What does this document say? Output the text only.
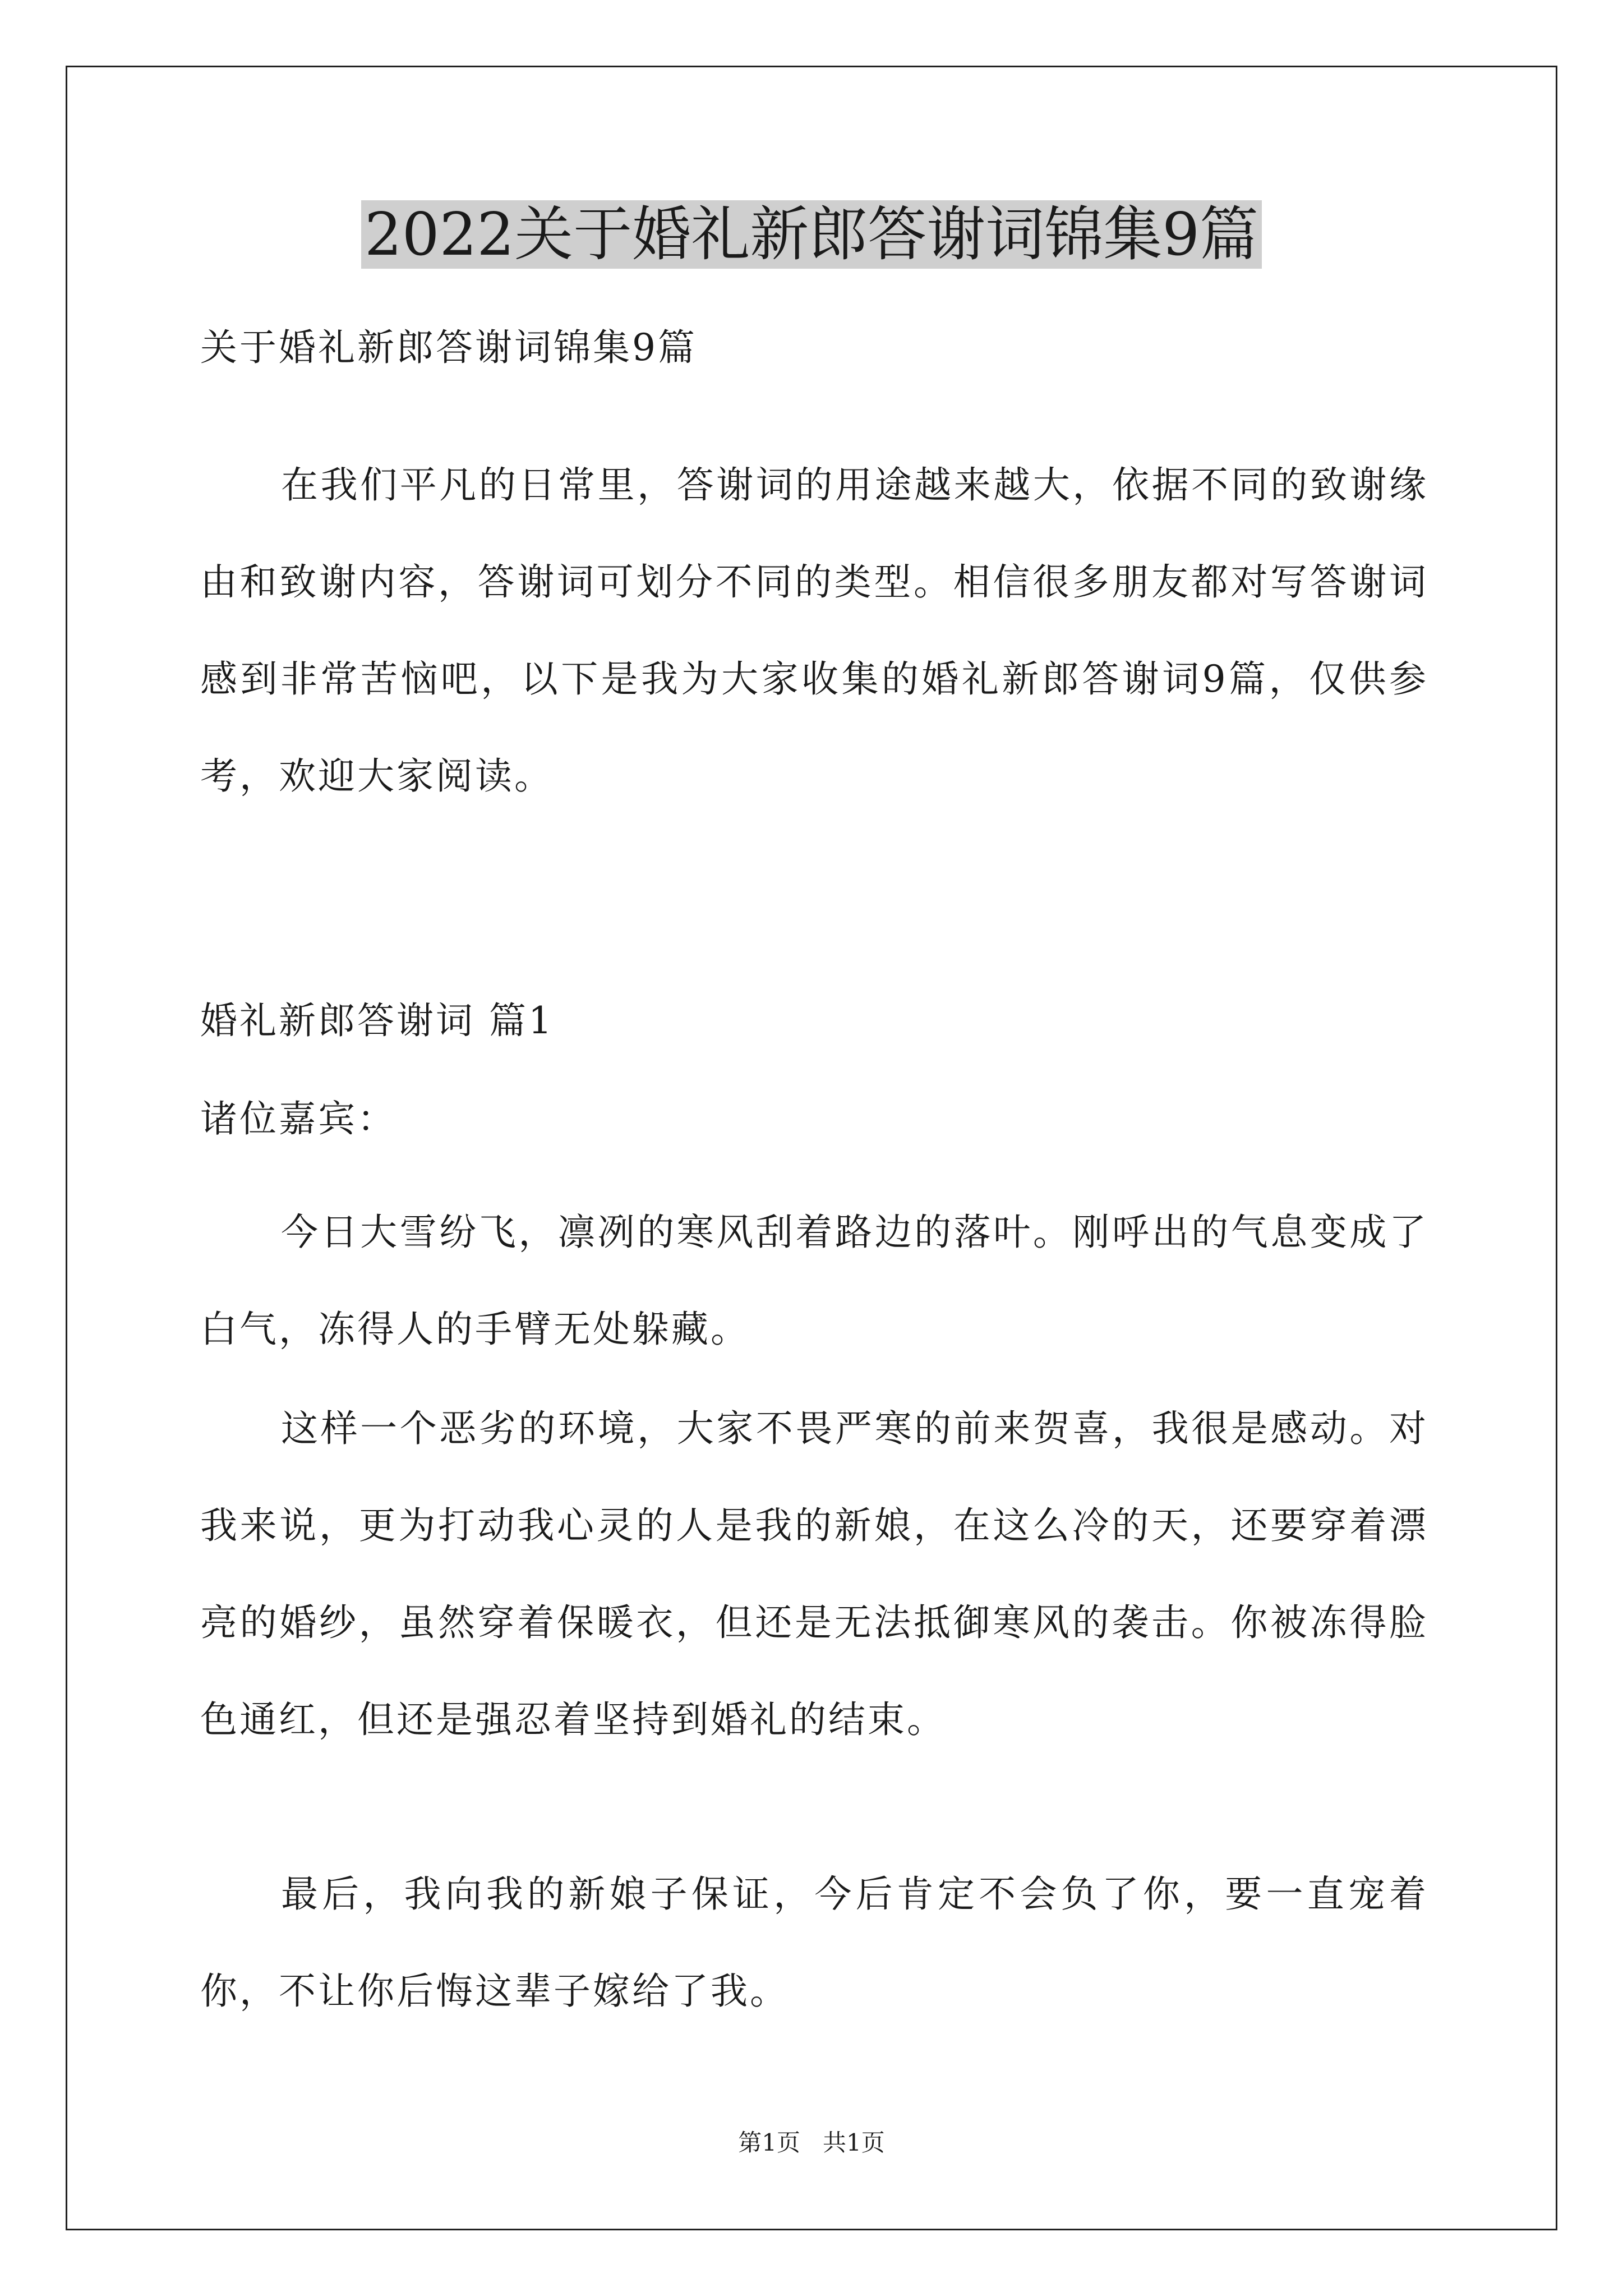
2022关于婚礼新郎答谢词锦集9篇
关于婚礼新郎答谢词锦集9篇
在我们平凡的日常里，答谢词的用途越来越大，依据不同的致谢缘由和致谢内容，答谢词可划分不同的类型。相信很多朋友都对写答谢词感到非常苦恼吧，以下是我为大家收集的婚礼新郎答谢词9篇，仅供参考，欢迎大家阅读。
婚礼新郎答谢词 篇1
诸位嘉宾：
今日大雪纷飞，凛冽的寒风刮着路边的落叶。刚呼出的气息变成了白气，冻得人的手臂无处躲藏。
这样一个恶劣的环境，大家不畏严寒的前来贺喜，我很是感动。对我来说，更为打动我心灵的人是我的新娘，在这么冷的天，还要穿着漂亮的婚纱，虽然穿着保暖衣，但还是无法抵御寒风的袭击。你被冻得脸色通红，但还是强忍着坚持到婚礼的结束。
最后，我向我的新娘子保证，今后肯定不会负了你，要一直宠着你，不让你后悔这辈子嫁给了我。
第1页   共1页
